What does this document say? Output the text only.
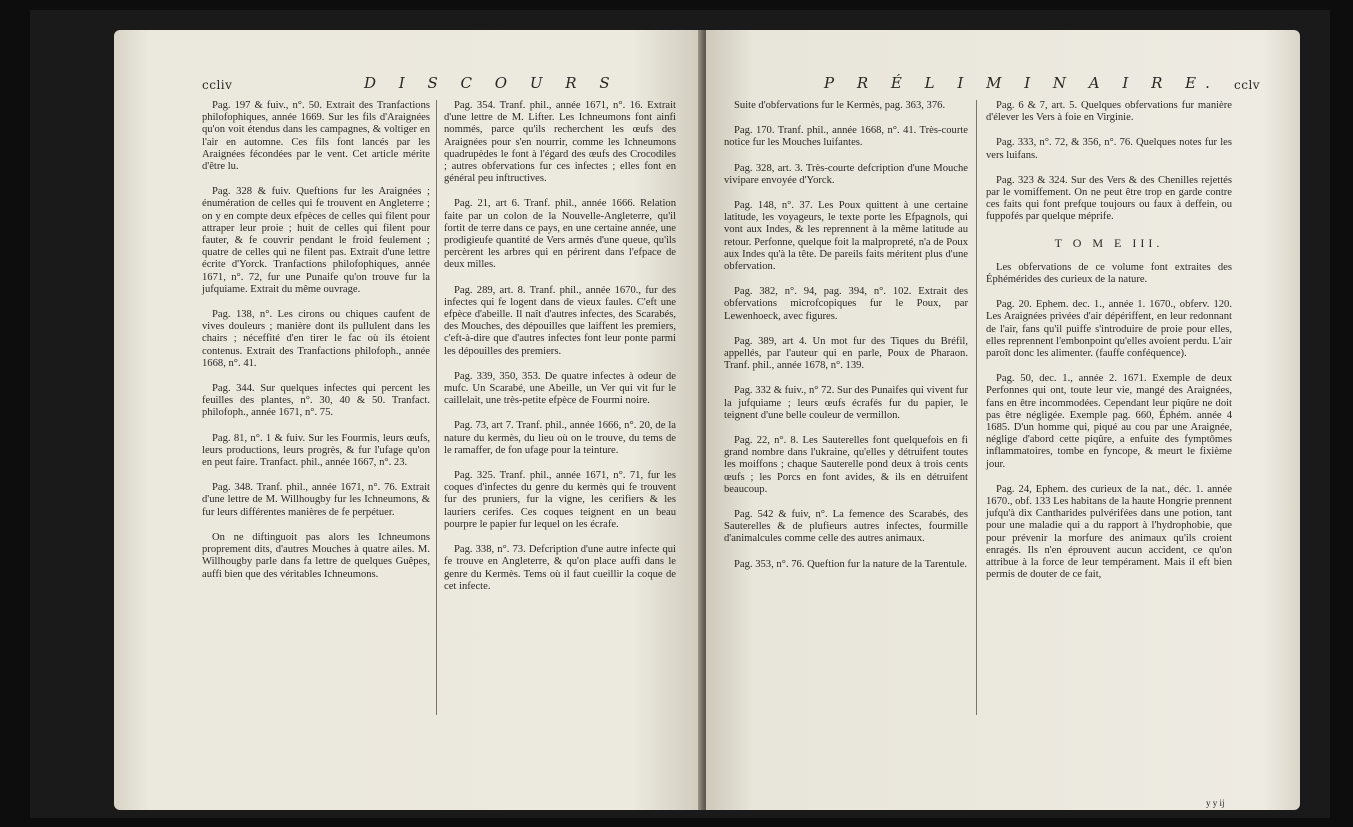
ccliv	D I S C O U R S

Pag. 197 & fuiv., n°. 50. Extrait des Tranfactions philofophiques, année 1669. Sur les fils d'Araignées qu'on voit étendus dans les campagnes, & voltiger en l'air en automne. Ces fils font lancés par les Araignées fécondées par le vent. Cet article mérite d'être lu.

Pag. 328 & fuiv. Queftions fur les Araignées ; énumération de celles qui fe trouvent en Angleterre ; on y en compte deux efpèces de celles qui filent pour attraper leur proie ; huit de celles qui filent pour fauter, & fe couvrir pendant le froid feulement ; quatre de celles qui ne filent pas. Extrait d'une lettre écrite d'Yorck. Tranfactions philofophiques, année 1671, n°. 72, fur une Punaife qu'on trouve fur la jufquiame. Extrait du même ouvrage.

Pag. 138, n°. Les cirons ou chiques caufent de vives douleurs ; manière dont ils pullulent dans les chairs ; néceffité d'en tirer le fac où ils étoient contenus. Extrait des Tranfactions philofoph., année 1668, n°. 41.

Pag. 344. Sur quelques infectes qui percent les feuilles des plantes, n°. 30, 40 & 50. Tranfact. philofoph., année 1671, n°. 75.

Pag. 81, n°. 1 & fuiv. Sur les Fourmis, leurs œufs, leurs productions, leurs progrès, & fur l'ufage qu'on en peut faire. Tranfact. phil., année 1667, n°. 23.

Pag. 348. Tranf. phil., année 1671, n°. 76. Extrait d'une lettre de M. Willhougby fur les Ichneumons, & fur leurs différentes manières de fe perpétuer.

On ne diftinguoit pas alors les Ichneumons proprement dits, d'autres Mouches à quatre ailes. M. Willhougby parle dans fa lettre de quelques Guêpes, auffi bien que des véritables Ichneumons.

Pag. 354. Tranf. phil., année 1671, n°. 16. Extrait d'une lettre de M. Lifter. Les Ichneumons font ainfi nommés, parce qu'ils recherchent les œufs des Araignées pour s'en nourrir, comme les Ichneumons quadrupèdes le font à l'égard des œufs des Crocodiles ; autres obfervations fur ces infectes ; elles font en général peu inftructives.

Pag. 21, art 6. Tranf. phil., année 1666. Relation faite par un colon de la Nouvelle-Angleterre, qu'il fortit de terre dans ce pays, en une certaine année, une prodigieufe quantité de Vers armés d'une queue, qu'ils percèrent les arbres qui en périrent dans l'efpace de deux milles.

Pag. 289, art. 8. Tranf. phil., année 1670., fur des infectes qui fe logent dans de vieux faules. C'eft une efpèce d'abeille. Il naît d'autres infectes, des Scarabés, des Mouches, des dépouilles que laiffent les premiers, c'eft-à-dire que d'autres infectes font leur ponte parmi les dépouilles des premiers.

Pag. 339, 350, 353. De quatre infectes à odeur de mufc. Un Scarabé, une Abeille, un Ver qui vit fur le caillelait, une très-petite efpèce de Fourmi noire.

Pag. 73, art 7. Tranf. phil., année 1666, n°. 20, de la nature du kermès, du lieu où on le trouve, du tems de le ramaffer, de fon ufage pour la teinture.

Pag. 325. Tranf. phil., année 1671, n°. 71, fur les coques d'infectes du genre du kermès qui fe trouvent fur des pruniers, fur la vigne, les cerifiers & les lauriers cerifes. Ces coques teignent en un beau pourpre le papier fur lequel on les écrafe.

Pag. 338, n°. 73. Defcription d'une autre infecte qui fe trouve en Angleterre, & qu'on place auffi dans le genre du Kermès. Tems où il faut cueillir la coque de cet infecte.

P R É L I M I N A I R E. cclv

Suite d'obfervations fur le Kermès, pag. 363, 376.

Pag. 170. Tranf. phil., année 1668, n°. 41. Très-courte notice fur les Mouches luifantes.

Pag. 328, art. 3. Très-courte defcription d'une Mouche vivipare envoyée d'Yorck.

Pag. 148, n°. 37. Les Poux quittent à une certaine latitude, les voyageurs, le texte porte les Efpagnols, qui vont aux Indes, & les reprennent à la même latitude au retour. Perfonne, quelque foit la malpropreté, n'a de Poux aux Indes qu'à la tête. De pareils faits méritent plus d'une obfervation.

Pag. 382, n°. 94, pag. 394, n°. 102. Extrait des obfervations microfcopiques fur le Poux, par Lewenhoeck, avec figures.

Pag. 389, art 4. Un mot fur des Tiques du Bréfil, appellés, par l'auteur qui en parle, Poux de Pharaon. Tranf. phil., année 1678, n°. 139.

Pag. 332 & fuiv., n° 72. Sur des Punaifes qui vivent fur la jufquiame ; leurs œufs écrafés fur du papier, le teignent d'une belle couleur de vermillon.

Pag. 22, n°. 8. Les Sauterelles font quelquefois en fi grand nombre dans l'ukraine, qu'elles y détruifent toutes les moiffons ; chaque Sauterelle pond deux à trois cents œufs ; les Porcs en font avides, & ils en détruifent beaucoup.

Pag. 542 & fuiv, n°. La femence des Scarabés, des Sauterelles & de plufieurs autres infectes, fourmille d'animalcules comme celle des autres animaux.

Pag. 353, n°. 76. Queftion fur la nature de la Tarentule.

Pag. 6 & 7, art. 5. Quelques obfervations fur manière d'élever les Vers à foie en Virginie.

Pag. 333, n°. 72, & 356, n°. 76. Quelques notes fur les vers luifans.

Pag. 323 & 324. Sur des Vers & des Chenilles rejettés par le vomiffement. On ne peut être trop en garde contre ces faits qui font prefque toujours ou faux à deffein, ou fuppofés par quelque méprife.

T O M E III.

Les obfervations de ce volume font extraites des Éphémérides des curieux de la nature.

Pag. 20. Ephem. dec. 1., année 1. 1670., obferv. 120. Les Araignées privées d'air dépériffent, en leur redonnant de l'air, fans qu'il puiffe s'introduire de proie pour elles, elles reprennent l'embonpoint qu'elles avoient perdu. L'air paroît donc les alimenter. (fauffe conféquence).

Pag. 50, dec. 1., année 2. 1671. Exemple de deux Perfonnes qui ont, toute leur vie, mangé des Araignées, fans en être incommodées. Cependant leur piqûre ne doit pas être négligée. Exemple pag. 660, Éphém. année 4 1685. D'un homme qui, piqué au cou par une Araignée, néglige d'abord cette piqûre, a enfuite des fymptômes inflammatoires, tombe en fyncope, & meurt le fixième jour.

Pag. 24, Ephem. des curieux de la nat., déc. 1. année 1670., obf. 133 Les habitans de la haute Hongrie prennent jufqu'à dix Cantharides pulvérifées dans une potion, tant pour une maladie qui a du rapport à l'hydrophobie, que pour prévenir la morfure des animaux qu'ils croient enragés. Ils n'en éprouvent aucun accident, ce qu'on attribue à la force de leur tempérament. Mais il eft bien permis de douter de ce fait,

y y ij
